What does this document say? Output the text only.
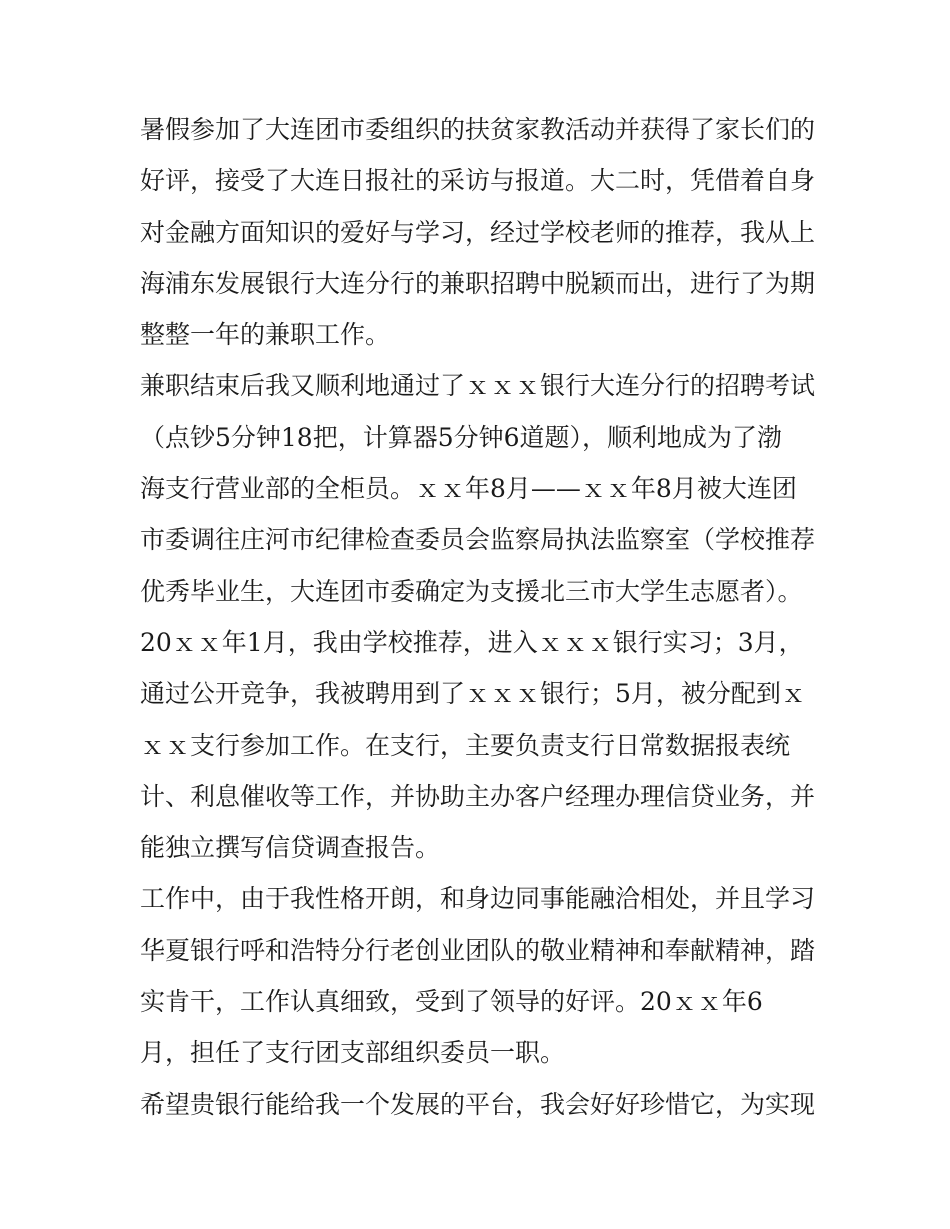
暑假参加了大连团市委组织的扶贫家教活动并获得了家长们的
好评，接受了大连日报社的采访与报道。大二时，凭借着自身
对金融方面知识的爱好与学习，经过学校老师的推荐，我从上
海浦东发展银行大连分行的兼职招聘中脱颖而出，进行了为期
整整一年的兼职工作。
兼职结束后我又顺利地通过了ｘｘｘ银行大连分行的招聘考试
（点钞5分钟18把，计算器5分钟6道题），顺利地成为了渤
海支行营业部的全柜员。ｘｘ年8月——ｘｘ年8月被大连团
市委调往庄河市纪律检查委员会监察局执法监察室（学校推荐
优秀毕业生，大连团市委确定为支援北三市大学生志愿者）。
20ｘｘ年1月，我由学校推荐，进入ｘｘｘ银行实习；3月，
通过公开竞争，我被聘用到了ｘｘｘ银行；5月，被分配到ｘ
ｘｘ支行参加工作。在支行，主要负责支行日常数据报表统
计、利息催收等工作，并协助主办客户经理办理信贷业务，并
能独立撰写信贷调查报告。
工作中，由于我性格开朗，和身边同事能融洽相处，并且学习
华夏银行呼和浩特分行老创业团队的敬业精神和奉献精神，踏
实肯干，工作认真细致，受到了领导的好评。20ｘｘ年6
月，担任了支行团支部组织委员一职。
希望贵银行能给我一个发展的平台，我会好好珍惜它，为实现
